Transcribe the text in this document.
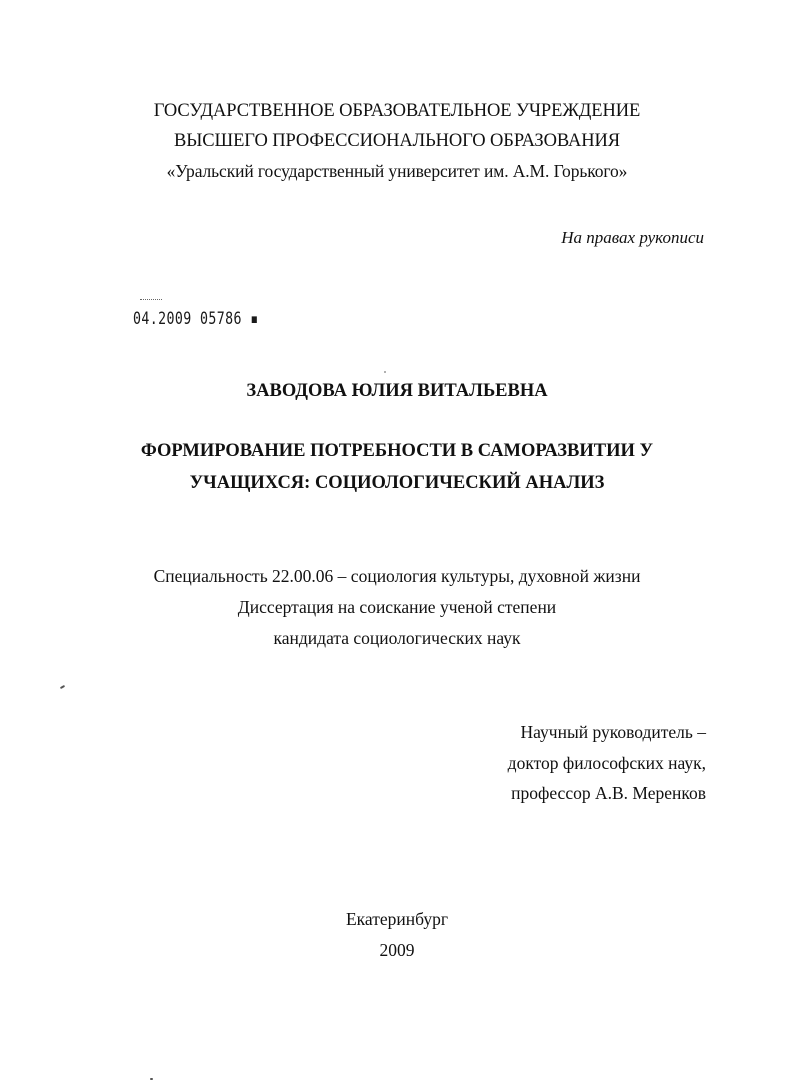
ГОСУДАРСТВЕННОЕ ОБРАЗОВАТЕЛЬНОЕ УЧРЕЖДЕНИЕ
ВЫСШЕГО ПРОФЕССИОНАЛЬНОГО ОБРАЗОВАНИЯ
«Уральский государственный университет им. А.М. Горького»
На правах рукописи
04.2009 05786 ▪
ЗАВОДОВА ЮЛИЯ ВИТАЛЬЕВНА
ФОРМИРОВАНИЕ ПОТРЕБНОСТИ В САМОРАЗВИТИИ У
УЧАЩИХСЯ: СОЦИОЛОГИЧЕСКИЙ АНАЛИЗ
Специальность 22.00.06 – социология культуры, духовной жизни
Диссертация на соискание ученой степени
кандидата социологических наук
Научный руководитель –
доктор философских наук,
профессор А.В. Меренков
Екатеринбург
2009
